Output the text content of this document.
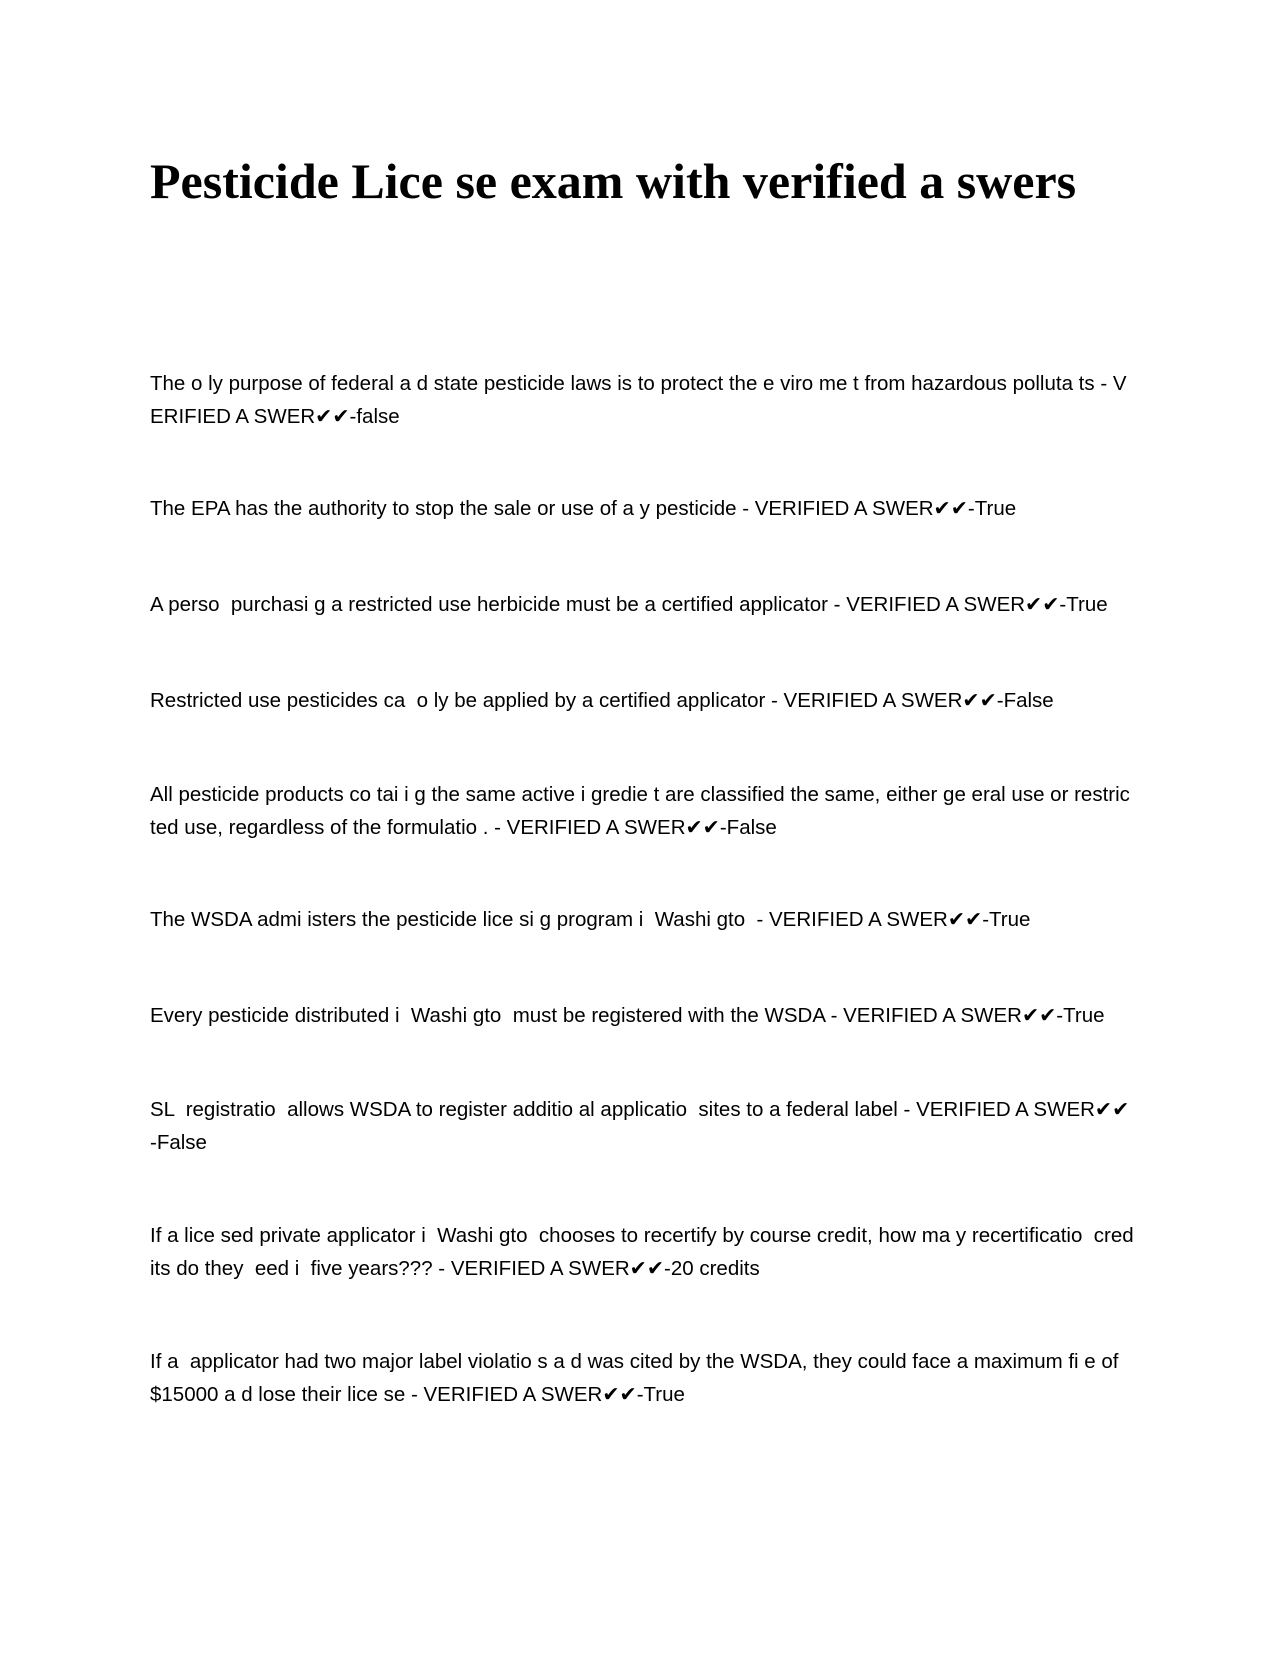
Pesticide Lice se exam with verified a swers

The o ly purpose of federal a d state pesticide laws is to protect the e viro me t from hazardous polluta ts - VERIFIED A SWER✔✔-false

The EPA has the authority to stop the sale or use of a y pesticide - VERIFIED A SWER✔✔-True

A perso  purchasi g a restricted use herbicide must be a certified applicator - VERIFIED A SWER✔✔-True

Restricted use pesticides ca  o ly be applied by a certified applicator - VERIFIED A SWER✔✔-False

All pesticide products co tai i g the same active i gredie t are classified the same, either ge eral use or restricted use, regardless of the formulatio . - VERIFIED A SWER✔✔-False

The WSDA admi isters the pesticide lice si g program i  Washi gto  - VERIFIED A SWER✔✔-True

Every pesticide distributed i  Washi gto  must be registered with the WSDA - VERIFIED A SWER✔✔-True

SL  registratio  allows WSDA to register additio al applicatio  sites to a federal label - VERIFIED A SWER✔✔-False

If a lice sed private applicator i  Washi gto  chooses to recertify by course credit, how ma y recertificatio  credits do they  eed i  five years??? - VERIFIED A SWER✔✔-20 credits

If a  applicator had two major label violatio s a d was cited by the WSDA, they could face a maximum fi e of $15000 a d lose their lice se - VERIFIED A SWER✔✔-True
